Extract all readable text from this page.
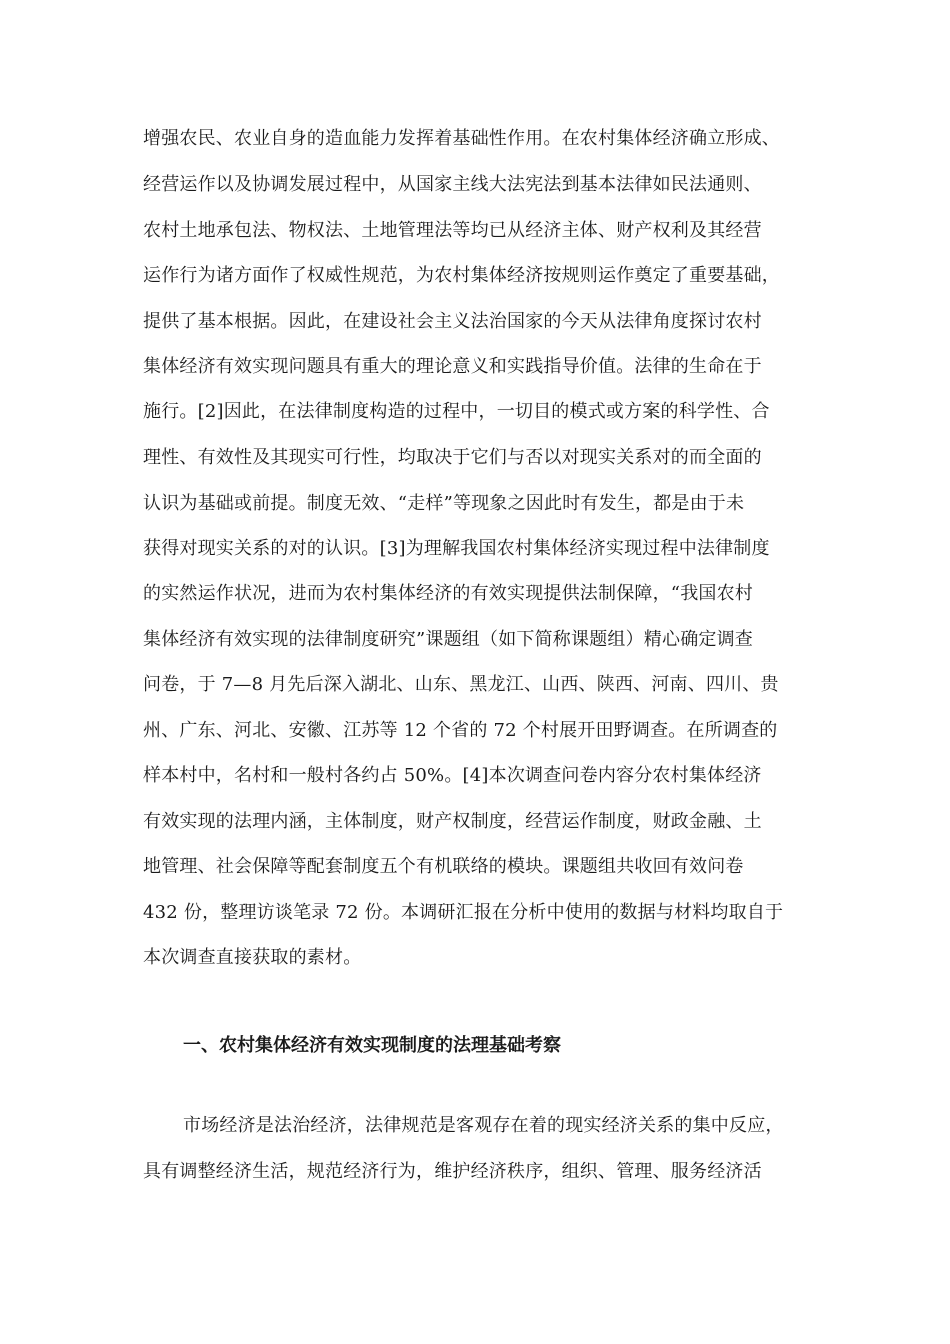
增强农民、农业自身的造血能力发挥着基础性作用。在农村集体经济确立形成、
经营运作以及协调发展过程中，从国家主线大法宪法到基本法律如民法通则、
农村土地承包法、物权法、土地管理法等均已从经济主体、财产权利及其经营
运作行为诸方面作了权威性规范，为农村集体经济按规则运作奠定了重要基础，
提供了基本根据。因此，在建设社会主义法治国家的今天从法律角度探讨农村
集体经济有效实现问题具有重大的理论意义和实践指导价值。法律的生命在于
施行。[2]因此，在法律制度构造的过程中，一切目的模式或方案的科学性、合
理性、有效性及其现实可行性，均取决于它们与否以对现实关系对的而全面的
认识为基础或前提。制度无效、“走样”等现象之因此时有发生，都是由于未
获得对现实关系的对的认识。[3]为理解我国农村集体经济实现过程中法律制度
的实然运作状况，进而为农村集体经济的有效实现提供法制保障，“我国农村
集体经济有效实现的法律制度研究”课题组（如下简称课题组）精心确定调查
问卷，于 7—8 月先后深入湖北、山东、黑龙江、山西、陕西、河南、四川、贵
州、广东、河北、安徽、江苏等 12 个省的 72 个村展开田野调查。在所调查的
样本村中，名村和一般村各约占 50%。[4]本次调查问卷内容分农村集体经济
有效实现的法理内涵，主体制度，财产权制度，经营运作制度，财政金融、土
地管理、社会保障等配套制度五个有机联络的模块。课题组共收回有效问卷
432 份，整理访谈笔录 72 份。本调研汇报在分析中使用的数据与材料均取自于
本次调查直接获取的素材。
一、农村集体经济有效实现制度的法理基础考察
市场经济是法治经济，法律规范是客观存在着的现实经济关系的集中反应，
具有调整经济生活，规范经济行为，维护经济秩序，组织、管理、服务经济活
